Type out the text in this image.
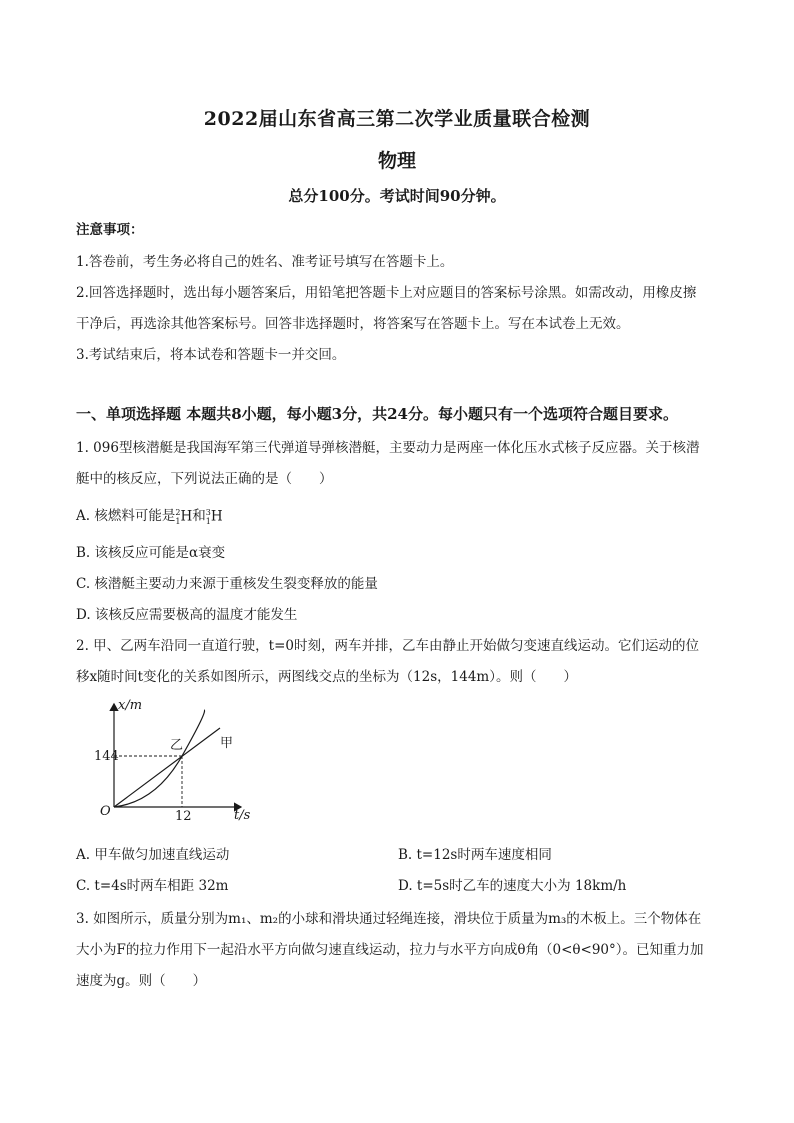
2022届山东省高三第二次学业质量联合检测
物理
总分100分。考试时间90分钟。
注意事项：
1.答卷前，考生务必将自己的姓名、准考证号填写在答题卡上。
2.回答选择题时，选出每小题答案后，用铅笔把答题卡上对应题目的答案标号涂黑。如需改动，用橡皮擦
干净后，再选涂其他答案标号。回答非选择题时，将答案写在答题卡上。写在本试卷上无效。
3.考试结束后，将本试卷和答题卡一并交回。
一、单项选择题 本题共8小题，每小题3分，共24分。每小题只有一个选项符合题目要求。
1. 096型核潜艇是我国海军第三代弹道导弹核潜艇，主要动力是两座一体化压水式核子反应器。关于核潜
艇中的核反应，下列说法正确的是（　　）
A. 核燃料可能是 2
1 H和 3
1 H
B. 该核反应可能是α衰变
C. 核潜艇主要动力来源于重核发生裂变释放的能量
D. 该核反应需要极高的温度才能发生
2. 甲、乙两车沿同一直道行驶，t=0时刻，两车并排，乙车由静止开始做匀变速直线运动。它们运动的位
移x随时间t变化的关系如图所示，两图线交点的坐标为（12s，144m）。则（　　）
x/m
t/s
O
144
12
乙	甲
A. 甲车做匀加速直线运动	B. t=12s时两车速度相同
C. t=4s时两车相距 32m	D. t=5s时乙车的速度大小为 18km/h
3. 如图所示，质量分别为m₁、m₂的小球和滑块通过轻绳连接，滑块位于质量为m₃的木板上。三个物体在
大小为F的拉力作用下一起沿水平方向做匀速直线运动，拉力与水平方向成θ角（0<θ<90°）。已知重力加
速度为g。则（　　）
